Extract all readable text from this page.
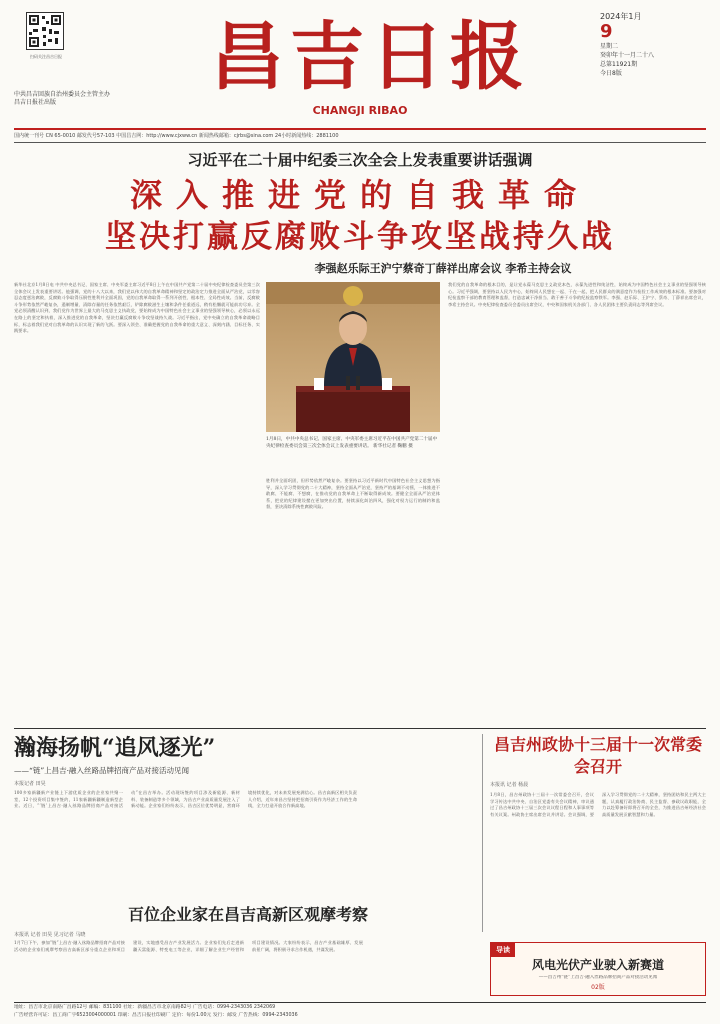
扫码关注昌吉日报
中共昌吉回族自治州委员会主管主办
昌吉日报社出版
昌吉日报
CHANGJI RIBAO
2024年1月
9
星期二
癸卯年十一月二十八
总第11921期
今日8版
国内统一刊号 CN 65-0010 邮发代号57-103 中国昌吉网：http://www.cjxww.cn 新闻热线邮箱：cjrbs@sina.com 24小时新闻热线：2881100
习近平在二十届中纪委三次全会上发表重要讲话强调
深入推进党的自我革命
坚决打赢反腐败斗争攻坚战持久战
李强赵乐际王沪宁蔡奇丁薛祥出席会议 李希主持会议
新华社北京1月8日电 中共中央总书记、国家主席、中央军委主席习近平8日上午在中国共产党第二十届中央纪律检查委员会第三次全体会议上发表重要讲话。他强调，党的十八大以来，我们党以伟大的自我革命精神和坚定的政治定力推进全面从严治党，以零容忍态度惩治腐败，反腐败斗争取得压倒性胜利并全面巩固，党的自我革命取得一系列开创性、根本性、全局性成效。当前，反腐败斗争形势依然严峻复杂，遏制增量、清除存量的任务依然艰巨，铲除腐败滋生土壤和条件任重道远，稍有松懈就可能前功尽弃。全党必须清醒认识到，我们党作为世界上最大的马克思主义执政党，要始终成为中国特色社会主义事业的坚强领导核心，必须以永远在路上的坚定和执着，深入推进党的自我革命，坚决打赢反腐败斗争攻坚战持久战。习近平指出，党中央确立的自我革命战略目标，标志着我们党对自我革命的认识实现了新的飞跃。要深入领会、准确把握党的自我革命的重大意义、深刻内涵、目标任务、实践要求。
1月8日，中共中央总书记、国家主席、中央军委主席习近平在中国共产党第二十届中央纪律检查委员会第三次全体会议上发表重要讲话。 新华社记者 鞠鹏 摄
胜利并全面巩固，但形势依然严峻复杂。要坚持以习近平新时代中国特色社会主义思想为指导，深入学习贯彻党的二十大精神，坚持全面从严治党，坚持严的基调不动摇，一体推进不敢腐、不能腐、不想腐，在推动党的自我革命上不断取得新成效。要健全全面从严治党体系，把党的纪律建设摆在更加突出位置，持续深化纠治四风，强化对权力运行的制约和监督，坚决清除系统性腐败风险。
我们党的自我革命的根本目的，是让党永葆马克思主义政党本色，永葆先进性和纯洁性，始终成为中国特色社会主义事业的坚强领导核心。习近平强调，要坚持以人民为中心，始终同人民想在一起、干在一起，把人民群众的满意度作为检验工作成效的根本标准。要加强对纪检监察干部的教育管理和监督，打造忠诚干净担当、敢于善于斗争的纪检监察铁军。李强、赵乐际、王沪宁、蔡奇、丁薛祥出席会议，李希主持会议。中央纪律检查委员会委员出席会议，中央和国家机关各部门、各人民团体主要负责同志等列席会议。
瀚海扬帆“追风逐光”
——“链”上昌吉·融入丝路品牌招商产品对接活动见闻
本报记者 田昊
100多家新疆新产业链上下游优质企业的企业家共聚一堂，12个投资项目集中签约，11家新疆新疆制造新型企业。近日，“‘链’上昌吉·融入丝路品牌招商产品对接活动”在昌吉举办。活动现场签约项目涉及新能源、新材料、装备制造等多个领域，为昌吉产业高质量发展注入了新动能。企业家们纷纷表示，昌吉区位优势明显，营商环境持续优化，对未来发展充满信心。昌吉高新区相关负责人介绍，近年来昌吉坚持把招商引资作为经济工作的生命线，全力打造开放合作新高地。
昌吉州政协十三届十一次常委会召开
本报讯 记者 杨晨
1月8日，昌吉州政协十三届十一次常委会召开，会议学习传达中共中央、自治区党委有关会议精神，审议通过了昌吉州政协十三届三次会议议程日程和人事事项等有关议案。州政协主席出席会议并讲话。会议强调，要深入学习贯彻党的二十大精神，坚持团结和民主两大主题，认真履行政治协商、民主监督、参政议政职能，全力以赴筹备好即将召开的全会，为推进昌吉州经济社会高质量发展贡献智慧和力量。
百位企业家在昌吉高新区观摩考察
本报讯 记者 田昊 见习记者 马晓
1月7日下午，参加“链”上昌吉·融入丝路品牌招商产品对接活动的企业家们观摩考察昌吉高新区部分重点企业和项目建设，实地感受昌吉产业发展活力。企业家们先后走进新疆天富能源、特变电工等企业，详细了解企业生产经营和项目建设情况。大家纷纷表示，昌吉产业基础雄厚、发展前景广阔，将积极寻求合作机遇，共谋发展。	导读
风电光伏产业驶入新赛道
——昌吉州“链”上昌吉·融入丝路品牌招商产品对接活动见闻
02版
地址：昌吉市北京南路广昌路12号 邮编：831100 社址：新疆昌吉市北京南路82号 广告电话：0994-2343036 2342069
广告经营许可证：昌工商广字6523004000001 印刷：昌吉日报社印刷厂 定价：每份1.00元 发行：邮发 广告热线：0994-2343036
